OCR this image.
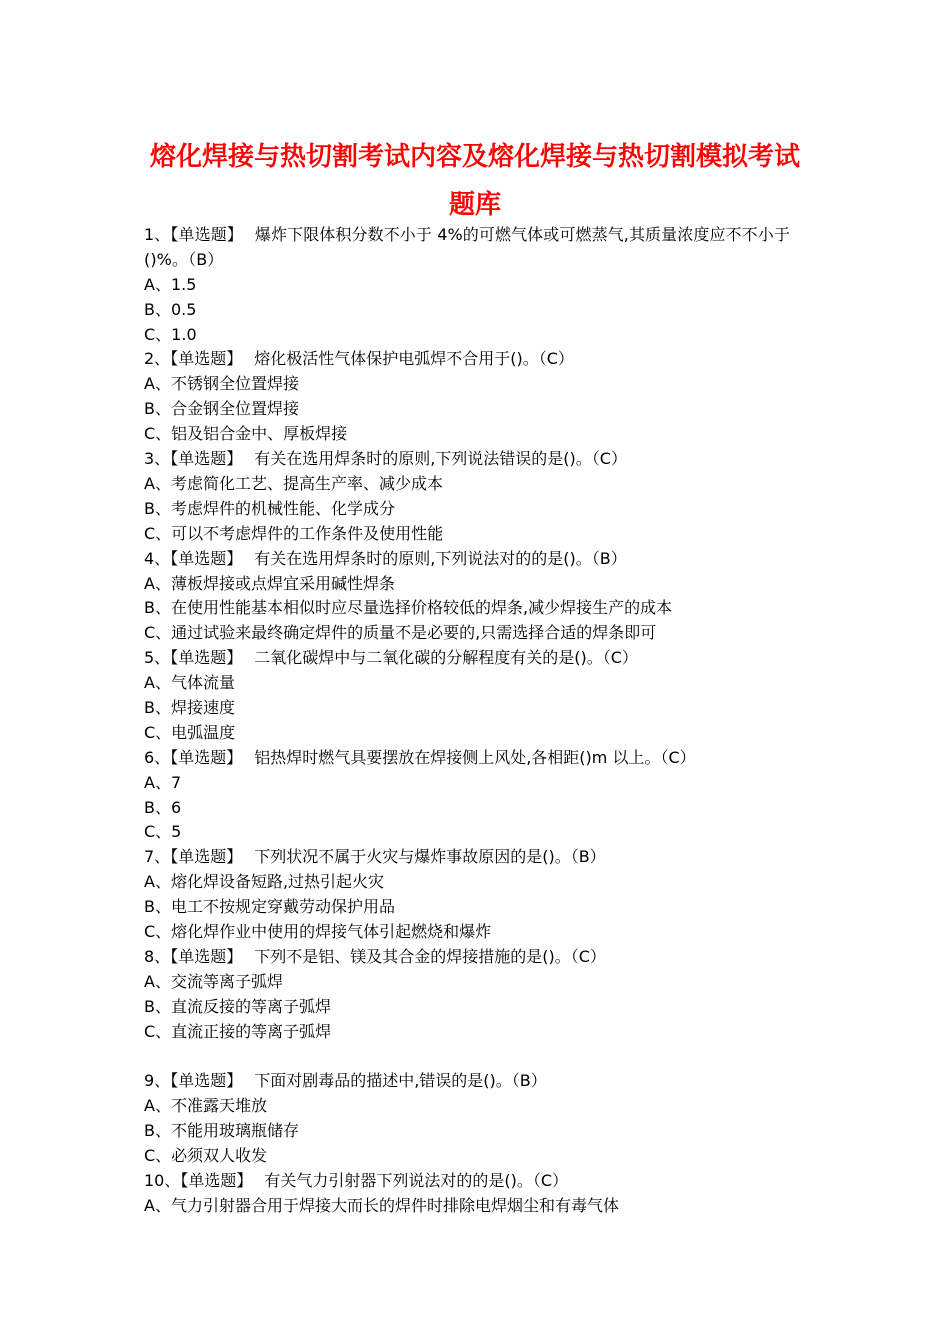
熔化焊接与热切割考试内容及熔化焊接与热切割模拟考试
题库
1、【单选题】 爆炸下限体积分数不小于 4%的可燃气体或可燃蒸气,其质量浓度应不不小于()%。（B）
A、1.5
B、0.5
C、1.0
2、【单选题】 熔化极活性气体保护电弧焊不合用于()。（C）
A、不锈钢全位置焊接
B、合金钢全位置焊接
C、铝及铝合金中、厚板焊接
3、【单选题】 有关在选用焊条时的原则,下列说法错误的是()。（C）
A、考虑简化工艺、提高生产率、减少成本
B、考虑焊件的机械性能、化学成分
C、可以不考虑焊件的工作条件及使用性能
4、【单选题】 有关在选用焊条时的原则,下列说法对的的是()。（B）
A、薄板焊接或点焊宜采用碱性焊条
B、在使用性能基本相似时应尽量选择价格较低的焊条,减少焊接生产的成本
C、通过试验来最终确定焊件的质量不是必要的,只需选择合适的焊条即可
5、【单选题】 二氧化碳焊中与二氧化碳的分解程度有关的是()。（C）
A、气体流量
B、焊接速度
C、电弧温度
6、【单选题】 铝热焊时燃气具要摆放在焊接侧上风处,各相距()m 以上。（C）
A、7
B、6
C、5
7、【单选题】 下列状况不属于火灾与爆炸事故原因的是()。（B）
A、熔化焊设备短路,过热引起火灾
B、电工不按规定穿戴劳动保护用品
C、熔化焊作业中使用的焊接气体引起燃烧和爆炸
8、【单选题】 下列不是铝、镁及其合金的焊接措施的是()。（C）
A、交流等离子弧焊
B、直流反接的等离子弧焊
C、直流正接的等离子弧焊
9、【单选题】 下面对剧毒品的描述中,错误的是()。（B）
A、不准露天堆放
B、不能用玻璃瓶储存
C、必须双人收发
10、【单选题】 有关气力引射器下列说法对的的是()。（C）
A、气力引射器合用于焊接大而长的焊件时排除电焊烟尘和有毒气体
